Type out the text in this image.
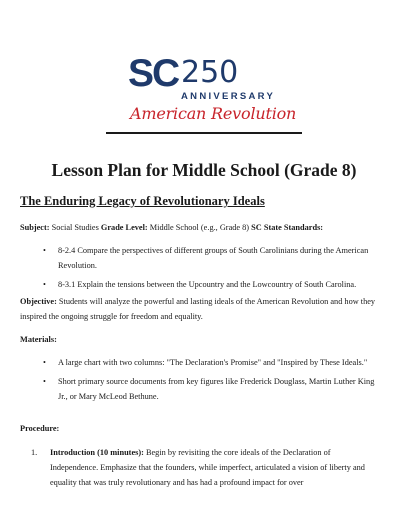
SC 250
ANNIVERSARY
American Revolution
Lesson Plan for Middle School (Grade 8)
The Enduring Legacy of Revolutionary Ideals

Subject: Social Studies Grade Level: Middle School (e.g., Grade 8) SC State Standards:

• 8-2.4 Compare the perspectives of different groups of South Carolinians during the American Revolution.
• 8-3.1 Explain the tensions between the Upcountry and the Lowcountry of South Carolina.

Objective: Students will analyze the powerful and lasting ideals of the American Revolution and how they inspired the ongoing struggle for freedom and equality.

Materials:

• A large chart with two columns: "The Declaration's Promise" and "Inspired by These Ideals."
• Short primary source documents from key figures like Frederick Douglass, Martin Luther King Jr., or Mary McLeod Bethune.

Procedure:

1. Introduction (10 minutes): Begin by revisiting the core ideals of the Declaration of Independence. Emphasize that the founders, while imperfect, articulated a vision of liberty and equality that was truly revolutionary and has had a profound impact for over
